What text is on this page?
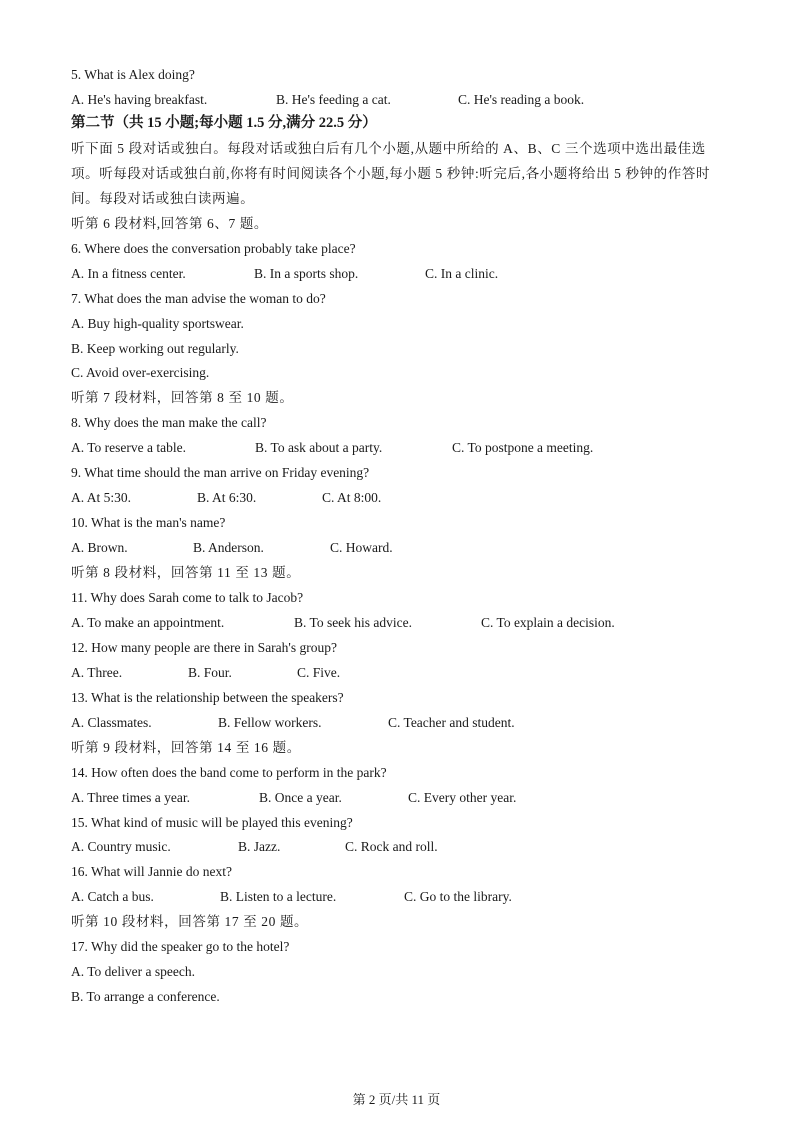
5. What is Alex doing?
A. He's having breakfast.	B. He's feeding a cat.	C. He's reading a book.
第二节（共 15 小题;每小题 1.5 分,满分 22.5 分）
听下面 5 段对话或独白。每段对话或独白后有几个小题,从题中所给的 A、B、C 三个选项中选出最佳选
项。听每段对话或独白前,你将有时间阅读各个小题,每小题 5 秒钟:听完后,各小题将给出 5 秒钟的作答时
间。每段对话或独白读两遍。
听第 6 段材料,回答第 6、7 题。
6. Where does the conversation probably take place?
A. In a fitness center.	B. In a sports shop.	C. In a clinic.
7. What does the man advise the woman to do?
A. Buy high-quality sportswear.
B. Keep working out regularly.
C. Avoid over-exercising.
听第 7 段材料，回答第 8 至 10 题。
8. Why does the man make the call?
A. To reserve a table.	B. To ask about a party.	C. To postpone a meeting.
9. What time should the man arrive on Friday evening?
A. At 5:30.	B. At 6:30.	C. At 8:00.
10. What is the man's name?
A. Brown.	B. Anderson.	C. Howard.
听第 8 段材料，回答第 11 至 13 题。
11. Why does Sarah come to talk to Jacob?
A. To make an appointment.	B. To seek his advice.	C. To explain a decision.
12. How many people are there in Sarah's group?
A. Three.	B. Four.	C. Five.
13. What is the relationship between the speakers?
A. Classmates.	B. Fellow workers.	C. Teacher and student.
听第 9 段材料，回答第 14 至 16 题。
14. How often does the band come to perform in the park?
A. Three times a year.	B. Once a year.	C. Every other year.
15. What kind of music will be played this evening?
A. Country music.	B. Jazz.	C. Rock and roll.
16. What will Jannie do next?
A. Catch a bus.	B. Listen to a lecture.	C. Go to the library.
听第 10 段材料，回答第 17 至 20 题。
17. Why did the speaker go to the hotel?
A. To deliver a speech.
B. To arrange a conference.
第 2 页/共 11 页
